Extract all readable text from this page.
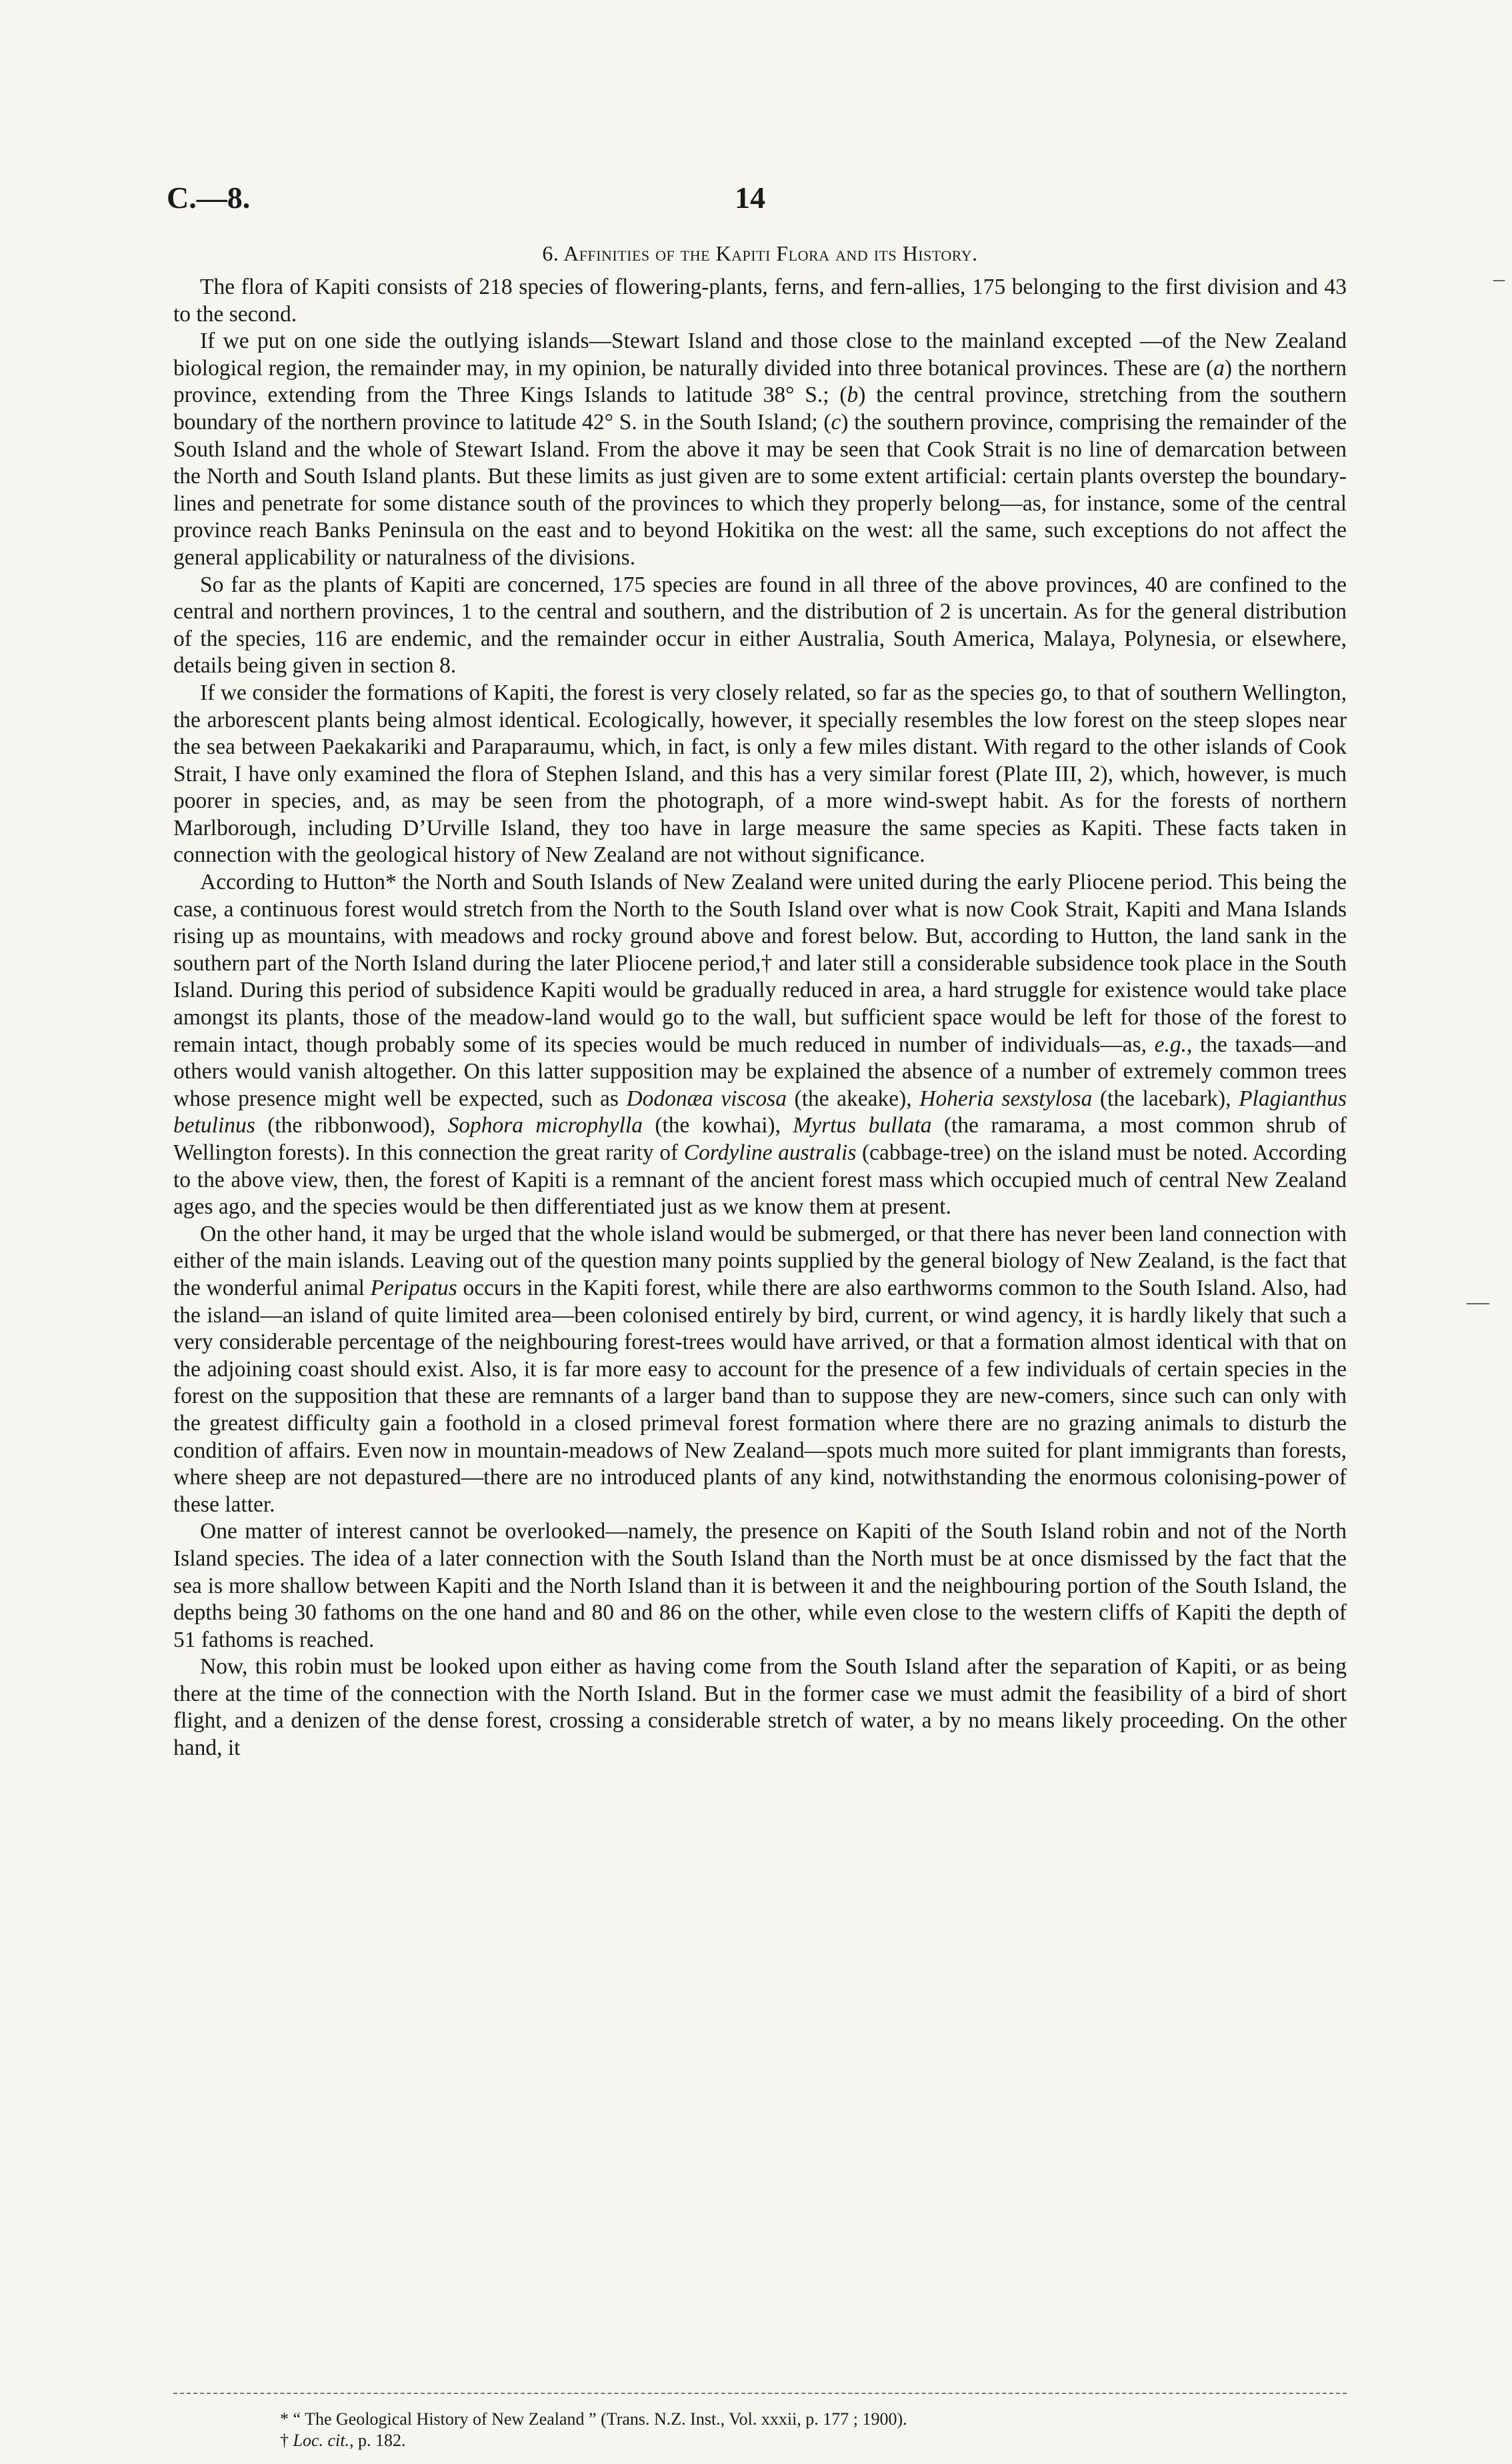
C.—8.	14
6. Affinities of the Kapiti Flora and its History.

The flora of Kapiti consists of 218 species of flowering-plants, ferns, and fern-allies, 175 belonging to the first division and 43 to the second.

If we put on one side the outlying islands—Stewart Island and those close to the mainland excepted —of the New Zealand biological region, the remainder may, in my opinion, be naturally divided into three botanical provinces. These are (a) the northern province, extending from the Three Kings Islands to latitude 38° S.; (b) the central province, stretching from the southern boundary of the northern province to latitude 42° S. in the South Island; (c) the southern province, comprising the remainder of the South Island and the whole of Stewart Island. From the above it may be seen that Cook Strait is no line of demarcation between the North and South Island plants. But these limits as just given are to some extent artificial: certain plants overstep the boundary-lines and penetrate for some distance south of the provinces to which they properly belong—as, for instance, some of the central province reach Banks Peninsula on the east and to beyond Hokitika on the west: all the same, such exceptions do not affect the general applicability or naturalness of the divisions.

So far as the plants of Kapiti are concerned, 175 species are found in all three of the above provinces, 40 are confined to the central and northern provinces, 1 to the central and southern, and the distribution of 2 is uncertain. As for the general distribution of the species, 116 are endemic, and the remainder occur in either Australia, South America, Malaya, Polynesia, or elsewhere, details being given in section 8.

If we consider the formations of Kapiti, the forest is very closely related, so far as the species go, to that of southern Wellington, the arborescent plants being almost identical. Ecologically, however, it specially resembles the low forest on the steep slopes near the sea between Paekakariki and Paraparaumu, which, in fact, is only a few miles distant. With regard to the other islands of Cook Strait, I have only examined the flora of Stephen Island, and this has a very similar forest (Plate III, 2), which, however, is much poorer in species, and, as may be seen from the photograph, of a more wind-swept habit. As for the forests of northern Marlborough, including D’Urville Island, they too have in large measure the same species as Kapiti. These facts taken in connection with the geological history of New Zealand are not without significance.

According to Hutton* the North and South Islands of New Zealand were united during the early Pliocene period. This being the case, a continuous forest would stretch from the North to the South Island over what is now Cook Strait, Kapiti and Mana Islands rising up as mountains, with meadows and rocky ground above and forest below. But, according to Hutton, the land sank in the southern part of the North Island during the later Pliocene period,† and later still a considerable subsidence took place in the South Island. During this period of subsidence Kapiti would be gradually reduced in area, a hard struggle for existence would take place amongst its plants, those of the meadow-land would go to the wall, but sufficient space would be left for those of the forest to remain intact, though probably some of its species would be much reduced in number of individuals—as, e.g., the taxads—and others would vanish altogether. On this latter supposition may be explained the absence of a number of extremely common trees whose presence might well be expected, such as Dodonæa viscosa (the akeake), Hoheria sexstylosa (the lacebark), Plagianthus betulinus (the ribbonwood), Sophora microphylla (the kowhai), Myrtus bullata (the ramarama, a most common shrub of Wellington forests). In this connection the great rarity of Cordyline australis (cabbage-tree) on the island must be noted. According to the above view, then, the forest of Kapiti is a remnant of the ancient forest mass which occupied much of central New Zealand ages ago, and the species would be then differentiated just as we know them at present.

On the other hand, it may be urged that the whole island would be submerged, or that there has never been land connection with either of the main islands. Leaving out of the question many points supplied by the general biology of New Zealand, is the fact that the wonderful animal Peripatus occurs in the Kapiti forest, while there are also earthworms common to the South Island. Also, had the island—an island of quite limited area—been colonised entirely by bird, current, or wind agency, it is hardly likely that such a very considerable percentage of the neighbouring forest-trees would have arrived, or that a formation almost identical with that on the adjoining coast should exist. Also, it is far more easy to account for the presence of a few individuals of certain species in the forest on the supposition that these are remnants of a larger band than to suppose they are new-comers, since such can only with the greatest difficulty gain a foothold in a closed primeval forest formation where there are no grazing animals to disturb the condition of affairs. Even now in mountain-meadows of New Zealand—spots much more suited for plant immigrants than forests, where sheep are not depastured—there are no introduced plants of any kind, notwithstanding the enormous colonising-power of these latter.

One matter of interest cannot be overlooked—namely, the presence on Kapiti of the South Island robin and not of the North Island species. The idea of a later connection with the South Island than the North must be at once dismissed by the fact that the sea is more shallow between Kapiti and the North Island than it is between it and the neighbouring portion of the South Island, the depths being 30 fathoms on the one hand and 80 and 86 on the other, while even close to the western cliffs of Kapiti the depth of 51 fathoms is reached.

Now, this robin must be looked upon either as having come from the South Island after the separation of Kapiti, or as being there at the time of the connection with the North Island. But in the former case we must admit the feasibility of a bird of short flight, and a denizen of the dense forest, crossing a considerable stretch of water, a by no means likely proceeding. On the other hand, it

* “ The Geological History of New Zealand ” (Trans. N.Z. Inst., Vol. xxxii, p. 177 ; 1900).

† Loc. cit., p. 182.

–
—
